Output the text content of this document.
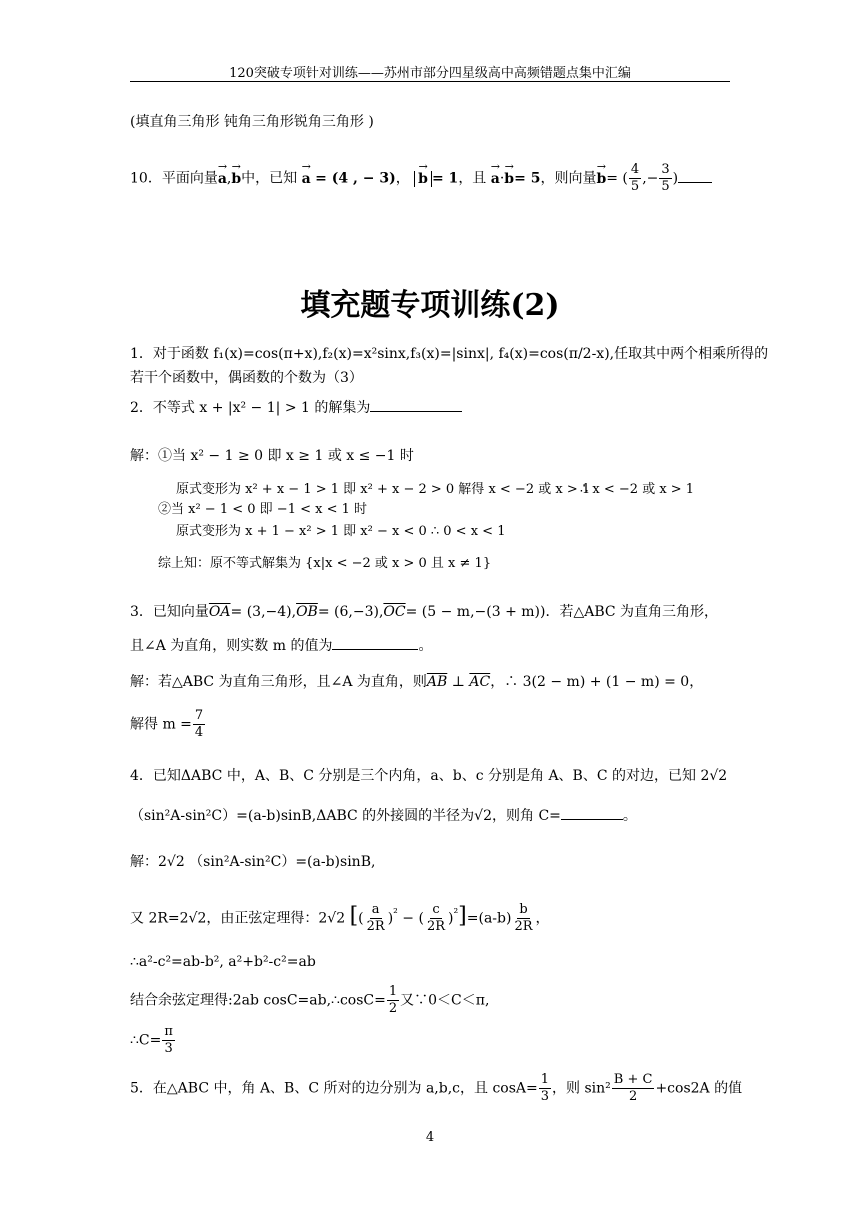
120突破专项针对训练——苏州市部分四星级高中高频错题点集中汇编
(填直角三角形 钝角三角形锐角三角形 )
10．平面向量→ a,→ b中，已知 → a = (4 , − 3)， → b = 1，且 → a·→ b= 5，则向量→ b= ( $\frac{4}{5}$ ,− $\frac{3}{5}$ )
填充题专项训练(2)
1．对于函数 f₁(x)=cos(π+x),f₂(x)=x²sinx,f₃(x)=|sinx|, f₄(x)=cos(π/2-x),任取其中两个相乘所得的
若干个函数中，偶函数的个数为（3）
2．不等式 x + |x² − 1| > 1 的解集为
解：①当 x² − 1 ≥ 0 即 x ≥ 1 或 x ≤ −1 时
原式变形为 x² + x − 1 > 1 即 x² + x − 2 > 0 解得 x < −2 或 x > 1
∴ x < −2 或 x > 1
②当 x² − 1 < 0 即 −1 < x < 1 时
原式变形为 x + 1 − x² > 1 即 x² − x < 0 ∴ 0 < x < 1
综上知：原不等式解集为 {x|x < −2 或 x > 0 且 x ≠ 1}
3．已知向量$\overline{OA}= (3,-4),\overline{OB}= (6,-3),\overline{OC}= (5 - m,-(3 + m))$．若△ABC 为直角三角形，
且∠A 为直角，则实数 m 的值为	。
解：若△ABC 为直角三角形，且∠A 为直角，则$\overline{AB}$ ⊥ $\overline{AC}$，∴ 3(2 − m) + (1 − m) = 0，
解得 $m = \frac{7}{4}$
4．已知ΔABC 中，A、B、C 分别是三个内角，a、b、c 分别是角 A、B、C 的对边，已知 2√2
（sin²A-sin²C）=(a-b)sinB,ΔABC 的外接圆的半径为√2，则角 C=	。
解：2√2 （sin²A-sin²C）=(a-b)sinB,
又 2R=2√2，由正弦定理得：2√2 [( $\frac{a}{2R} )^{^2}$ − ( $\frac{c}{2R} )^{^2}]=(a-b) \frac{b}{2R}$ ，
∴a²-c²=ab-b², a²+b²-c²=ab
结合余弦定理得:2ab cosC=ab,∴cosC= $\frac{1}{2}$ 又∵0＜C＜π,
∴C= $\frac{\pi}{3}$
5．在△ABC 中，角 A、B、C 所对的边分别为 a,b,c，且 $\cos A= \frac{1}{3}$ ，则 $\sin^2 \frac{B + C}{2} +\cos 2A$ 的值
4
